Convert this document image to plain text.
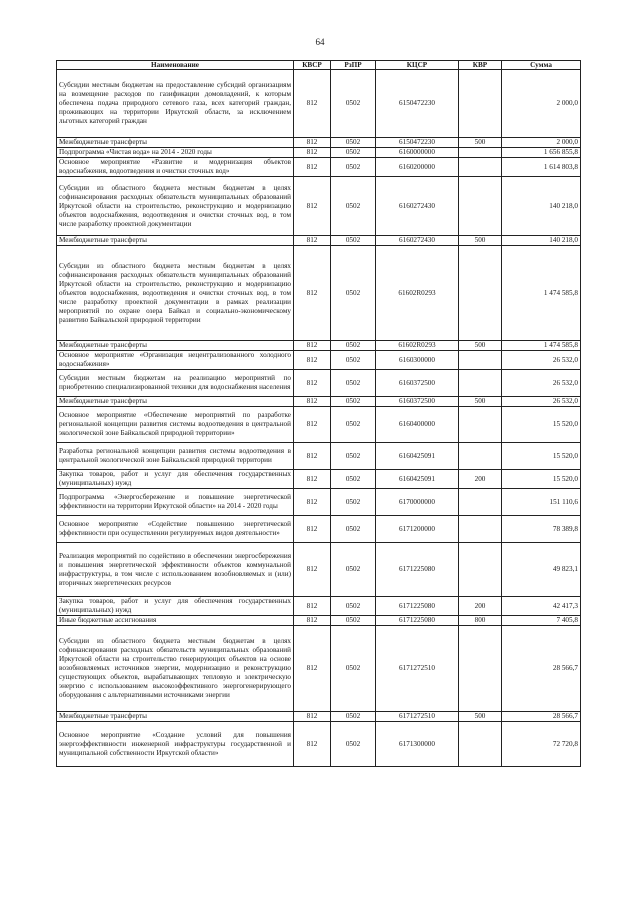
64
Наименование	КВСР	РзПР	КЦСР	КВР	Сумма
Субсидии местным бюджетам на предоставление субсидий организациям на возмещение расходов по газификации домовладений, к которым обеспечена подача природного сетевого газа, всех категорий граждан, проживающих на территории Иркутской области, за исключением льготных категорий граждан	812	0502	6150472230		2 000,0
Межбюджетные трансферты	812	0502	6150472230	500	2 000,0
Подпрограмма «Чистая вода» на 2014 - 2020 годы	812	0502	6160000000		1 656 855,8
Основное мероприятие «Развитие и модернизация объектов водоснабжения, водоотведения и очистки сточных вод»	812	0502	6160200000		1 614 803,8
Субсидии из областного бюджета местным бюджетам в целях софинансирования расходных обязательств муниципальных образований Иркутской области на строительство, реконструкцию и модернизацию объектов водоснабжения, водоотведения и очистки сточных вод, в том числе разработку проектной документации	812	0502	6160272430		140 218,0
Межбюджетные трансферты	812	0502	6160272430	500	140 218,0
Субсидии из областного бюджета местным бюджетам в целях софинансирования расходных обязательств муниципальных образований Иркутской области на строительство, реконструкцию и модернизацию объектов водоснабжения, водоотведения и очистки сточных вод, в том числе разработку проектной документации в рамках реализации мероприятий по охране озера Байкал и социально-экономическому развитию Байкальской природной территории	812	0502	61602R0293		1 474 585,8
Межбюджетные трансферты	812	0502	61602R0293	500	1 474 585,8
Основное мероприятие «Организация нецентрализованного холодного водоснабжения»	812	0502	6160300000		26 532,0
Субсидии местным бюджетам на реализацию мероприятий по приобретению специализированной техники для водоснабжения населения	812	0502	6160372500		26 532,0
Межбюджетные трансферты	812	0502	6160372500	500	26 532,0
Основное мероприятие «Обеспечение мероприятий по разработке региональной концепции развития системы водоотведения в центральной экологической зоне Байкальской природной территории»	812	0502	6160400000		15 520,0
Разработка региональной концепции развития системы водоотведения в центральной экологической зоне Байкальской природной территории	812	0502	6160425091		15 520,0
Закупка товаров, работ и услуг для обеспечения государственных (муниципальных) нужд	812	0502	6160425091	200	15 520,0
Подпрограмма «Энергосбережение и повышение энергетической эффективности на территории Иркутской области» на 2014 - 2020 годы	812	0502	6170000000		151 110,6
Основное мероприятие «Содействие повышению энергетической эффективности при осуществлении регулируемых видов деятельности»	812	0502	6171200000		78 389,8
Реализация мероприятий по содействию в обеспечении энергосбережения и повышения энергетической эффективности объектов коммунальной инфраструктуры, в том числе с использованием возобновляемых и (или) вторичных энергетических ресурсов	812	0502	6171225080		49 823,1
Закупка товаров, работ и услуг для обеспечения государственных (муниципальных) нужд	812	0502	6171225080	200	42 417,3
Иные бюджетные ассигнования	812	0502	6171225080	800	7 405,8
Субсидии из областного бюджета местным бюджетам в целях софинансирования расходных обязательств муниципальных образований Иркутской области на строительство генерирующих объектов на основе возобновляемых источников энергии, модернизацию и реконструкцию существующих объектов, вырабатывающих тепловую и электрическую энергию с использованием высокоэффективного энергогенерирующего оборудования с альтернативными источниками энергии	812	0502	6171272510		28 566,7
Межбюджетные трансферты	812	0502	6171272510	500	28 566,7
Основное мероприятие «Создание условий для повышения энергоэффективности инженерной инфраструктуры государственной и муниципальной собственности Иркутской области»	812	0502	6171300000		72 720,8
